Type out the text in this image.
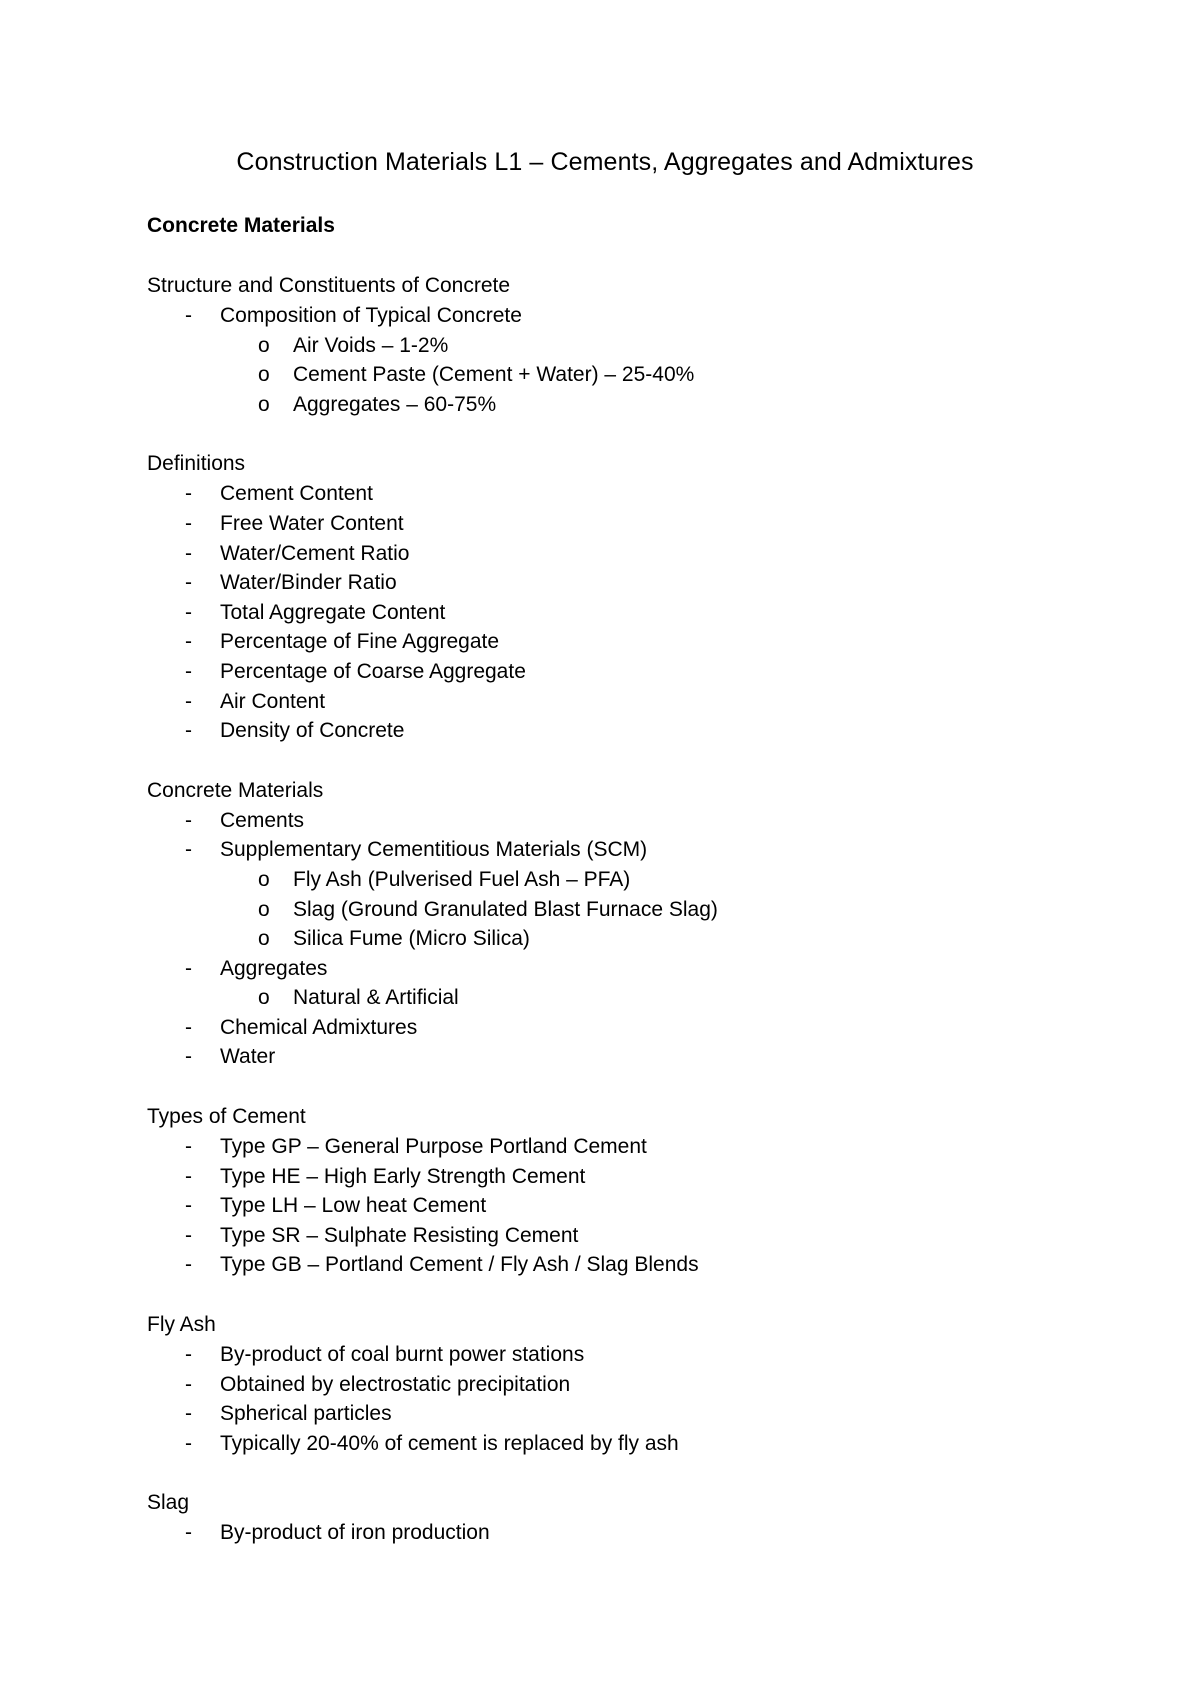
Construction Materials L1 – Cements, Aggregates and Admixtures
Concrete Materials
Structure and Constituents of Concrete
- Composition of Typical Concrete
o Air Voids – 1-2%
o Cement Paste (Cement + Water) – 25-40%
o Aggregates – 60-75%
Definitions
- Cement Content
- Free Water Content
- Water/Cement Ratio
- Water/Binder Ratio
- Total Aggregate Content
- Percentage of Fine Aggregate
- Percentage of Coarse Aggregate
- Air Content
- Density of Concrete
Concrete Materials
- Cements
- Supplementary Cementitious Materials (SCM)
o Fly Ash (Pulverised Fuel Ash – PFA)
o Slag (Ground Granulated Blast Furnace Slag)
o Silica Fume (Micro Silica)
- Aggregates
o Natural & Artificial
- Chemical Admixtures
- Water
Types of Cement
- Type GP – General Purpose Portland Cement
- Type HE – High Early Strength Cement
- Type LH – Low heat Cement
- Type SR – Sulphate Resisting Cement
- Type GB – Portland Cement / Fly Ash / Slag Blends
Fly Ash
- By-product of coal burnt power stations
- Obtained by electrostatic precipitation
- Spherical particles
- Typically 20-40% of cement is replaced by fly ash
Slag
- By-product of iron production
